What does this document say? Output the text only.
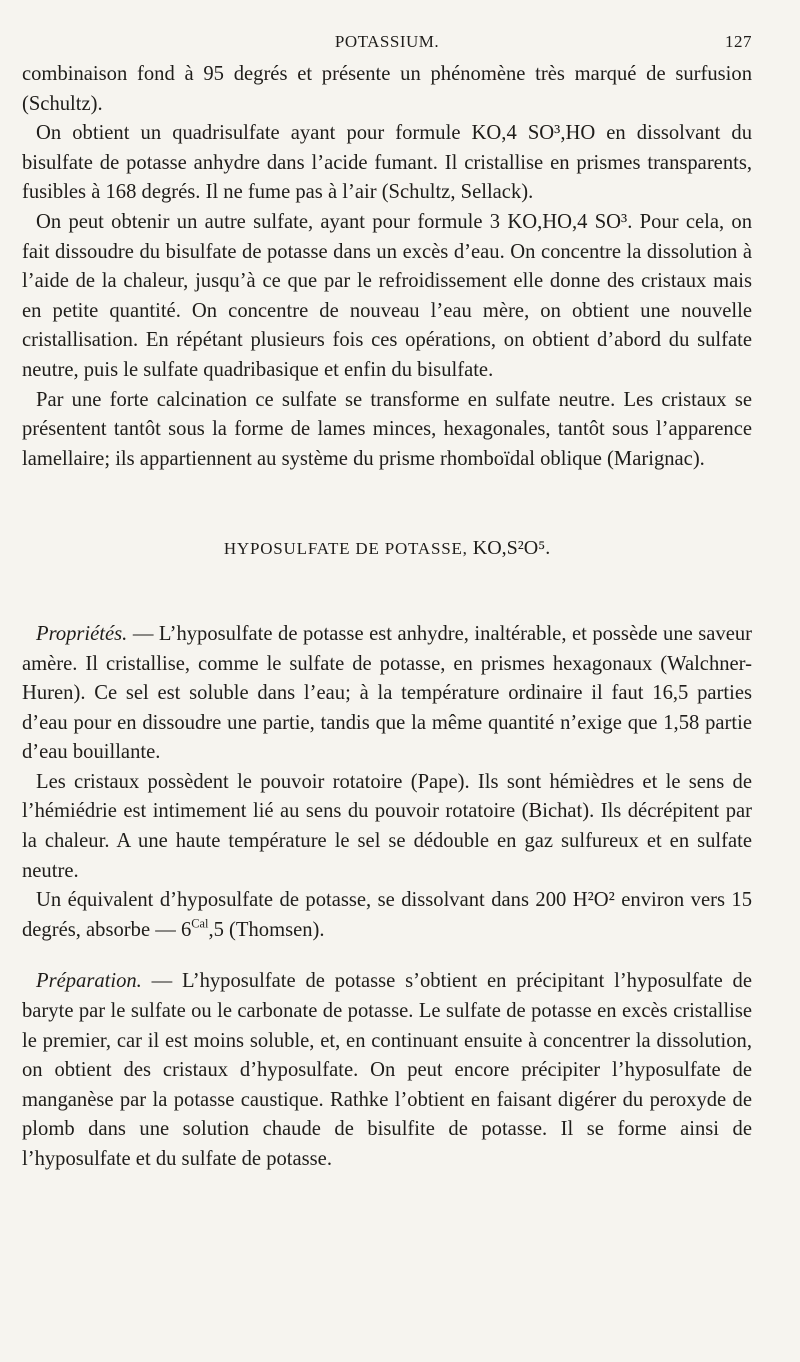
POTASSIUM.	127

combinaison fond à 95 degrés et présente un phénomène très marqué de surfusion (Schultz).

On obtient un quadrisulfate ayant pour formule KO,4 SO³,HO en dissolvant du bisulfate de potasse anhydre dans l’acide fumant. Il cristallise en prismes transparents, fusibles à 168 degrés. Il ne fume pas à l’air (Schultz, Sellack).

On peut obtenir un autre sulfate, ayant pour formule 3 KO,HO,4 SO³. Pour cela, on fait dissoudre du bisulfate de potasse dans un excès d’eau. On concentre la dissolution à l’aide de la chaleur, jusqu’à ce que par le refroidissement elle donne des cristaux mais en petite quantité. On concentre de nouveau l’eau mère, on obtient une nouvelle cristallisation. En répétant plusieurs fois ces opérations, on obtient d’abord du sulfate neutre, puis le sulfate quadribasique et enfin du bisulfate.

Par une forte calcination ce sulfate se transforme en sulfate neutre. Les cristaux se présentent tantôt sous la forme de lames minces, hexagonales, tantôt sous l’apparence lamellaire; ils appartiennent au système du prisme rhomboïdal oblique (Marignac).

HYPOSULFATE DE POTASSE, KO,S²O⁵.

Propriétés. — L’hyposulfate de potasse est anhydre, inaltérable, et possède une saveur amère. Il cristallise, comme le sulfate de potasse, en prismes hexagonaux (Walchner-Huren). Ce sel est soluble dans l’eau; à la température ordinaire il faut 16,5 parties d’eau pour en dissoudre une partie, tandis que la même quantité n’exige que 1,58 partie d’eau bouillante.

Les cristaux possèdent le pouvoir rotatoire (Pape). Ils sont hémièdres et le sens de l’hémiédrie est intimement lié au sens du pouvoir rotatoire (Bichat). Ils décrépitent par la chaleur. A une haute température le sel se dédouble en gaz sulfureux et en sulfate neutre.

Un équivalent d’hyposulfate de potasse, se dissolvant dans 200 H²O² environ vers 15 degrés, absorbe — $6^{Cal},5$ (Thomsen).

Préparation. — L’hyposulfate de potasse s’obtient en précipitant l’hyposulfate de baryte par le sulfate ou le carbonate de potasse. Le sulfate de potasse en excès cristallise le premier, car il est moins soluble, et, en continuant ensuite à concentrer la dissolution, on obtient des cristaux d’hyposulfate. On peut encore précipiter l’hyposulfate de manganèse par la potasse caustique. Rathke l’obtient en faisant digérer du peroxyde de plomb dans une solution chaude de bisulfite de potasse. Il se forme ainsi de l’hyposulfate et du sulfate de potasse.
